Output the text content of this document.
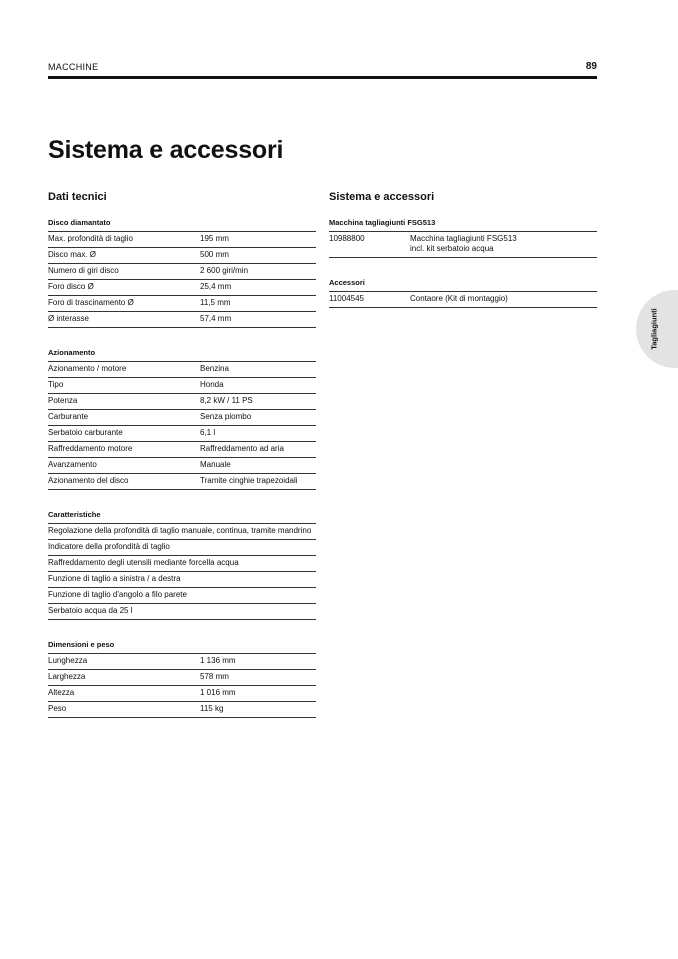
MACCHINE	89
Sistema e accessori
Dati tecnici
Disco diamantato
Max. profondità di taglio	195 mm
Disco max. Ø	500 mm
Numero di giri disco	2 600 giri/min
Foro disco Ø	25,4 mm
Foro di trascinamento Ø	11,5 mm
Ø interasse	57,4 mm
Azionamento
Azionamento / motore	Benzina
Tipo	Honda
Potenza	8,2 kW / 11 PS
Carburante	Senza piombo
Serbatoio carburante	6,1 l
Raffreddamento motore	Raffreddamento ad aria
Avanzamento	Manuale
Azionamento del disco	Tramite cinghie trapezoidali
Caratteristiche
Regolazione della profondità di taglio manuale, continua, tramite mandrino
Indicatore della profondità di taglio
Raffreddamento degli utensili mediante forcella acqua
Funzione di taglio a sinistra / a destra
Funzione di taglio d'angolo a filo parete
Serbatoio acqua da 25 l
Dimensioni e peso
Lunghezza	1 136 mm
Larghezza	578 mm
Altezza	1 016 mm
Peso	115 kg
Sistema e accessori
Macchina tagliagiunti FSG513
10988800	Macchina tagliagiunti FSG513
incl. kit serbatoio acqua
Accessori
11004545	Contaore (Kit di montaggio)
Tagliagiunti
